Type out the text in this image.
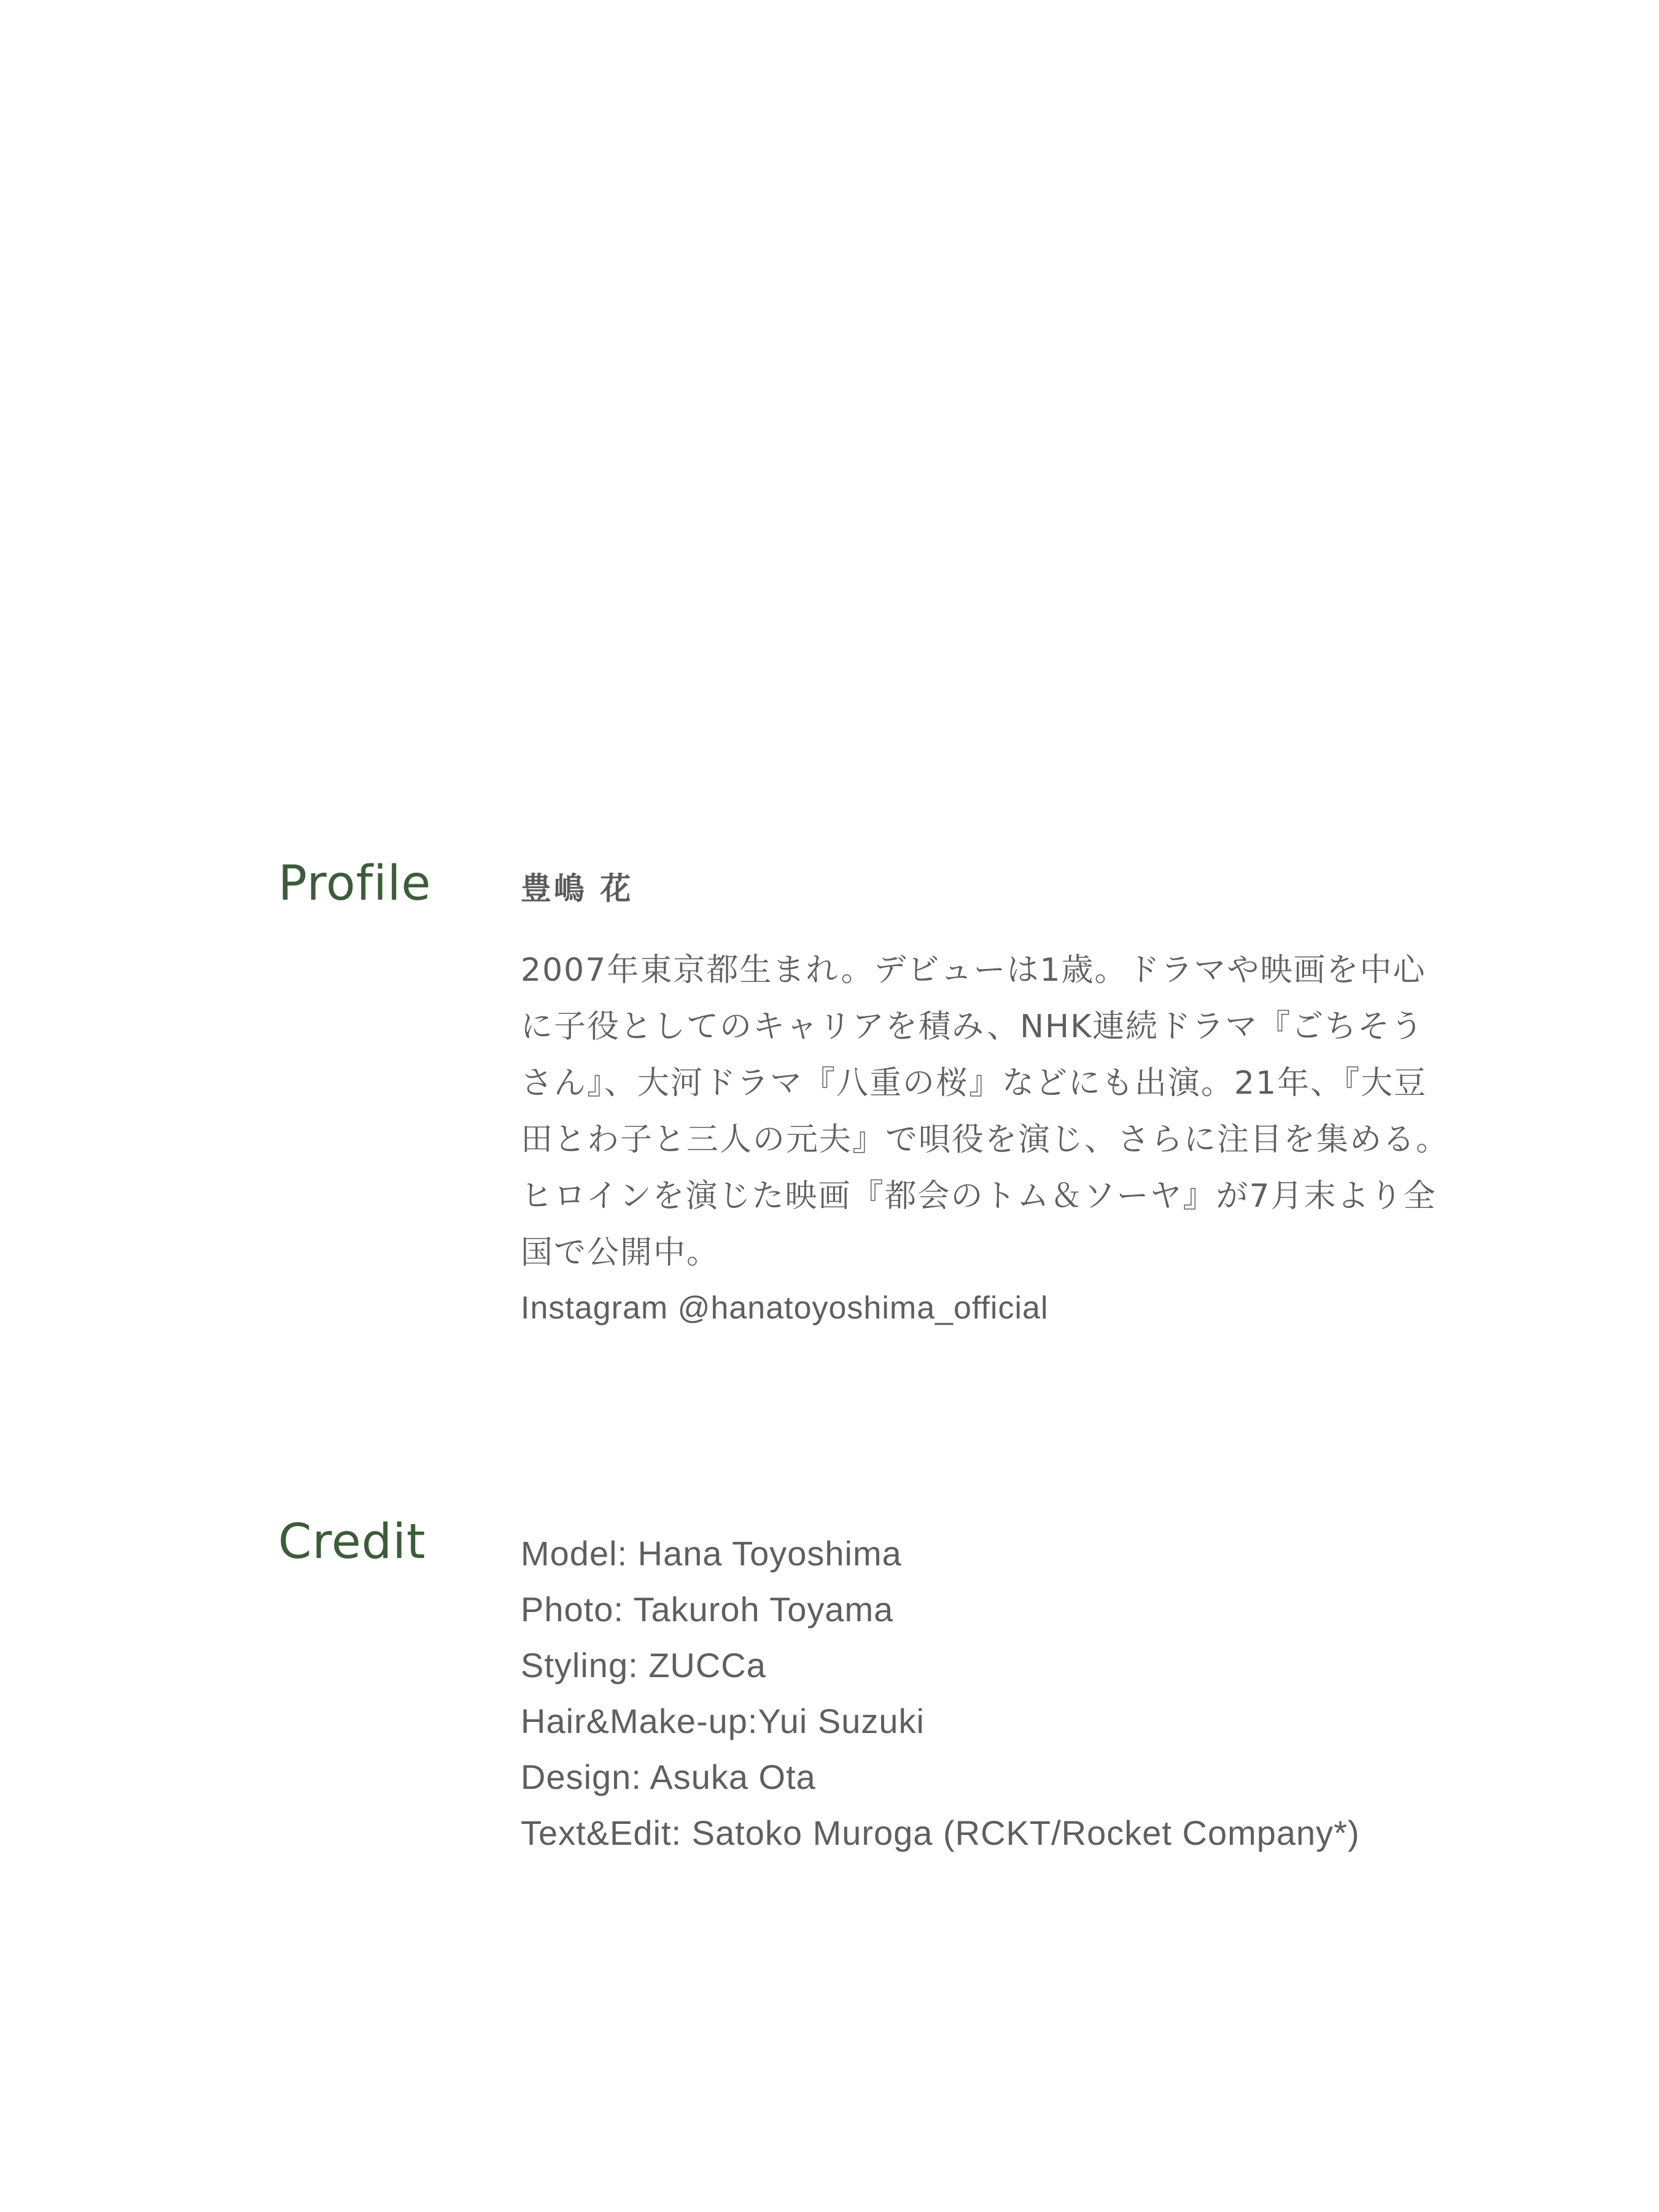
Profile	豊嶋 花

2007年東京都生まれ。デビューは1歳。ドラマや映画を中心に子役としてのキャリアを積み、NHK連続ドラマ『ごちそうさん』、大河ドラマ『八重の桜』などにも出演。21年、『大豆田とわ子と三人の元夫』で唄役を演じ、さらに注目を集める。ヒロインを演じた映画『都会のトム＆ソーヤ』が7月末より全国で公開中。

Instagram @hanatoyoshima_official

Credit	Model: Hana Toyoshima
Photo: Takuroh Toyama
Styling: ZUCCa
Hair&Make-up:Yui Suzuki
Design: Asuka Ota
Text&Edit: Satoko Muroga (RCKT/Rocket Company*)
